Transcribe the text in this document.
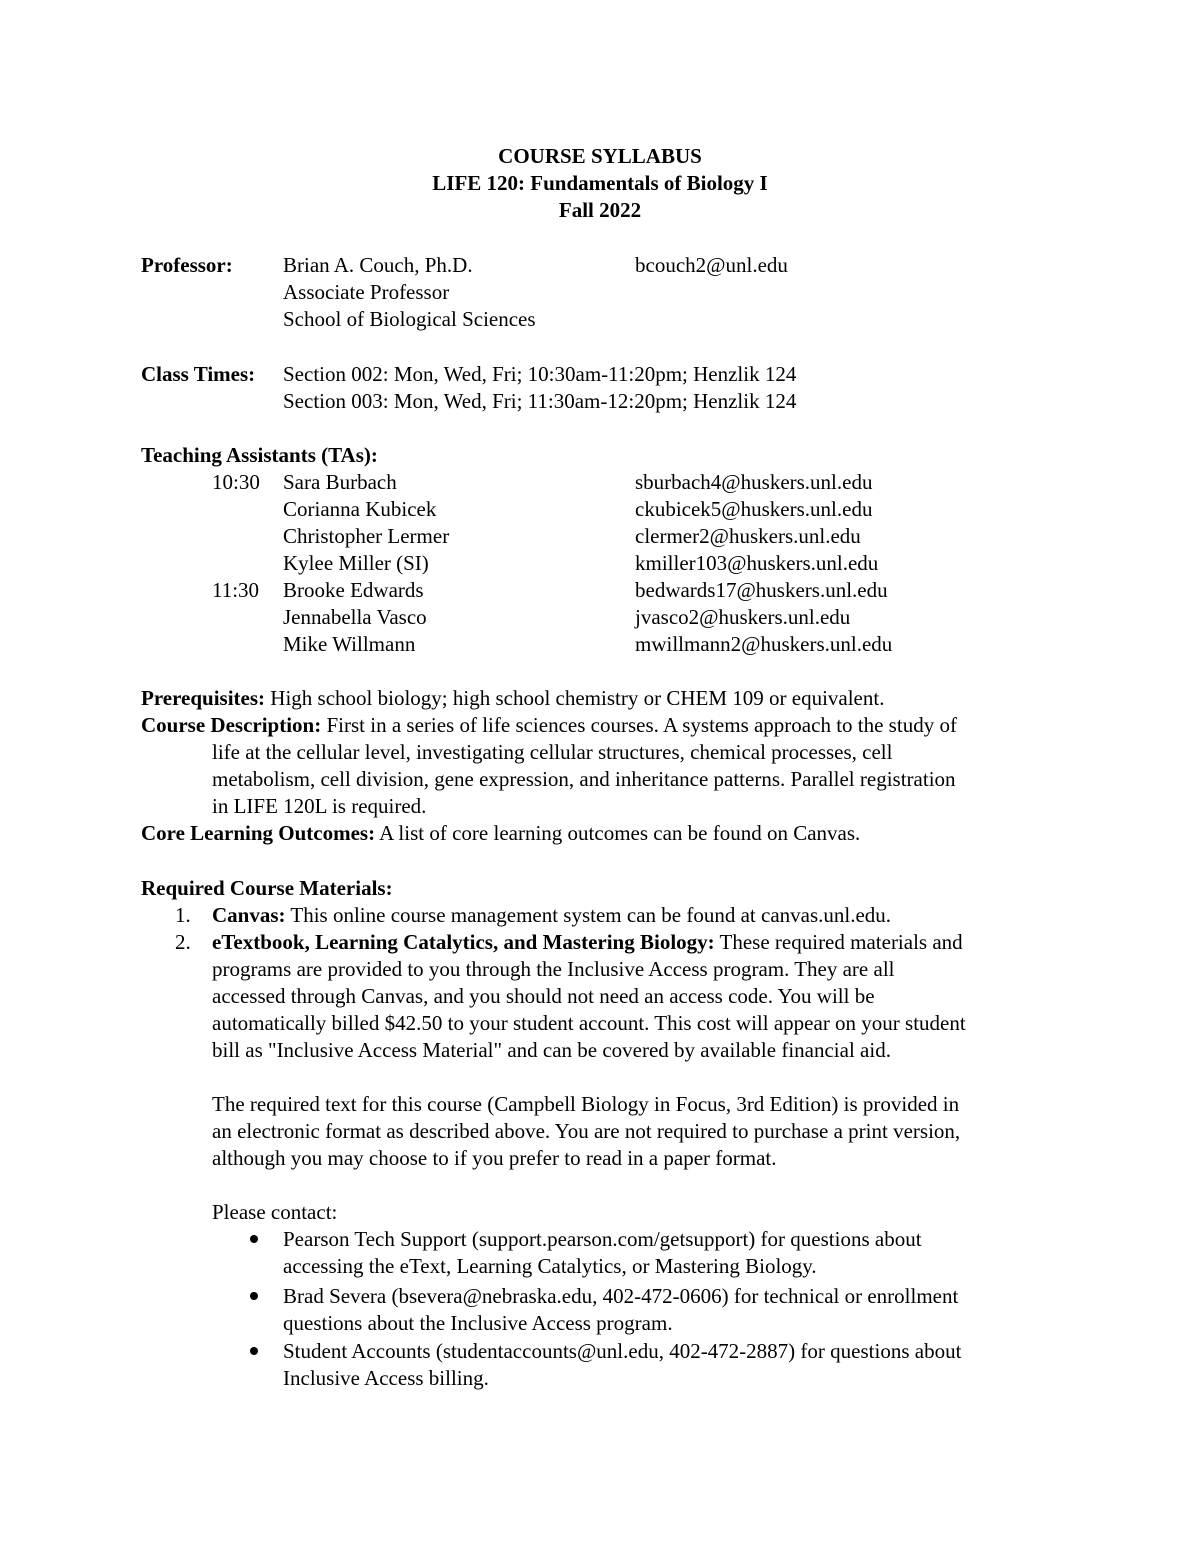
COURSE SYLLABUS
LIFE 120: Fundamentals of Biology I
Fall 2022
Professor: Brian A. Couch, Ph.D.	bcouch2@unl.edu
Associate Professor
School of Biological Sciences
Class Times: Section 002: Mon, Wed, Fri; 10:30am-11:20pm; Henzlik 124
Section 003: Mon, Wed, Fri; 11:30am-12:20pm; Henzlik 124
Teaching Assistants (TAs):
10:30 Sara Burbach	sburbach4@huskers.unl.edu
Corianna Kubicek	ckubicek5@huskers.unl.edu
Christopher Lermer	clermer2@huskers.unl.edu
Kylee Miller (SI)	kmiller103@huskers.unl.edu
11:30 Brooke Edwards	bedwards17@huskers.unl.edu
Jennabella Vasco	jvasco2@huskers.unl.edu
Mike Willmann	mwillmann2@huskers.unl.edu
Prerequisites: High school biology; high school chemistry or CHEM 109 or equivalent.
Course Description: First in a series of life sciences courses. A systems approach to the study of
life at the cellular level, investigating cellular structures, chemical processes, cell
metabolism, cell division, gene expression, and inheritance patterns. Parallel registration
in LIFE 120L is required.
Core Learning Outcomes: A list of core learning outcomes can be found on Canvas.
Required Course Materials:
1. Canvas: This online course management system can be found at canvas.unl.edu.
2. eTextbook, Learning Catalytics, and Mastering Biology: These required materials and
programs are provided to you through the Inclusive Access program. They are all
accessed through Canvas, and you should not need an access code. You will be
automatically billed $42.50 to your student account. This cost will appear on your student
bill as "Inclusive Access Material" and can be covered by available financial aid.
The required text for this course (Campbell Biology in Focus, 3rd Edition) is provided in
an electronic format as described above. You are not required to purchase a print version,
although you may choose to if you prefer to read in a paper format.
Please contact:
Pearson Tech Support (support.pearson.com/getsupport) for questions about
accessing the eText, Learning Catalytics, or Mastering Biology.
Brad Severa (bsevera@nebraska.edu, 402-472-0606) for technical or enrollment
questions about the Inclusive Access program.
Student Accounts (studentaccounts@unl.edu, 402-472-2887) for questions about
Inclusive Access billing.
